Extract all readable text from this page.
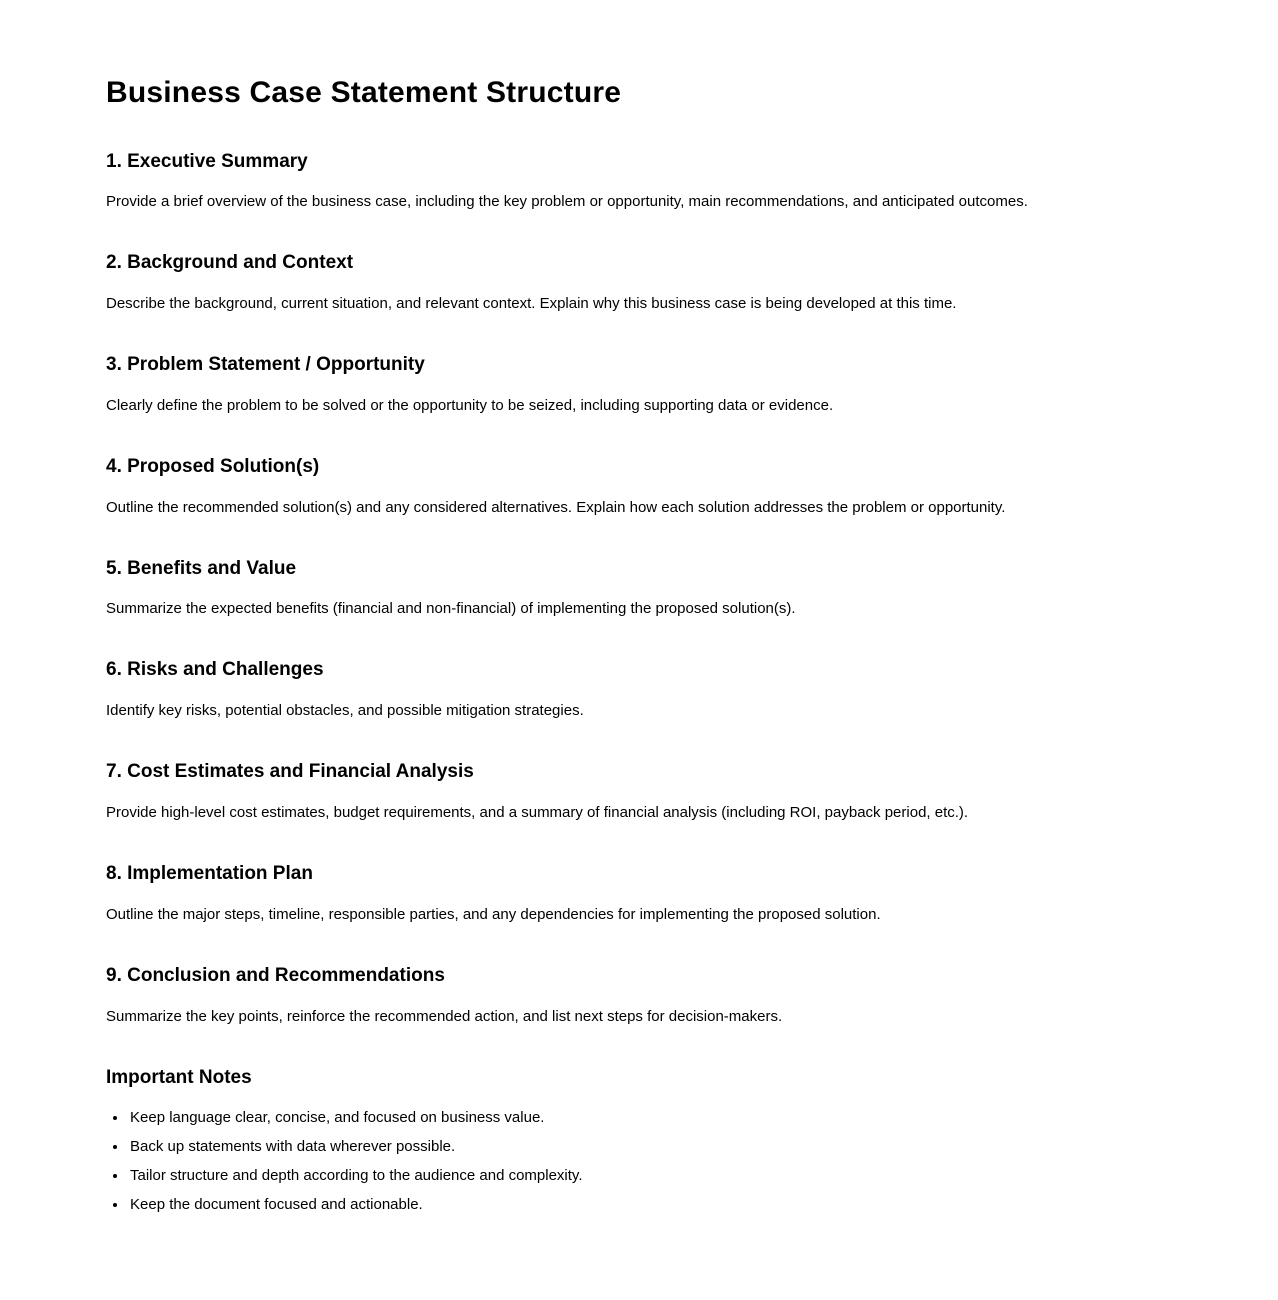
Business Case Statement Structure
1. Executive Summary

Provide a brief overview of the business case, including the key problem or opportunity, main recommendations, and anticipated outcomes.

2. Background and Context

Describe the background, current situation, and relevant context. Explain why this business case is being developed at this time.

3. Problem Statement / Opportunity

Clearly define the problem to be solved or the opportunity to be seized, including supporting data or evidence.

4. Proposed Solution(s)

Outline the recommended solution(s) and any considered alternatives. Explain how each solution addresses the problem or opportunity.

5. Benefits and Value

Summarize the expected benefits (financial and non-financial) of implementing the proposed solution(s).

6. Risks and Challenges

Identify key risks, potential obstacles, and possible mitigation strategies.

7. Cost Estimates and Financial Analysis

Provide high-level cost estimates, budget requirements, and a summary of financial analysis (including ROI, payback period, etc.).

8. Implementation Plan

Outline the major steps, timeline, responsible parties, and any dependencies for implementing the proposed solution.

9. Conclusion and Recommendations

Summarize the key points, reinforce the recommended action, and list next steps for decision-makers.

Important Notes
• Keep language clear, concise, and focused on business value.
• Back up statements with data wherever possible.
• Tailor structure and depth according to the audience and complexity.
• Keep the document focused and actionable.
